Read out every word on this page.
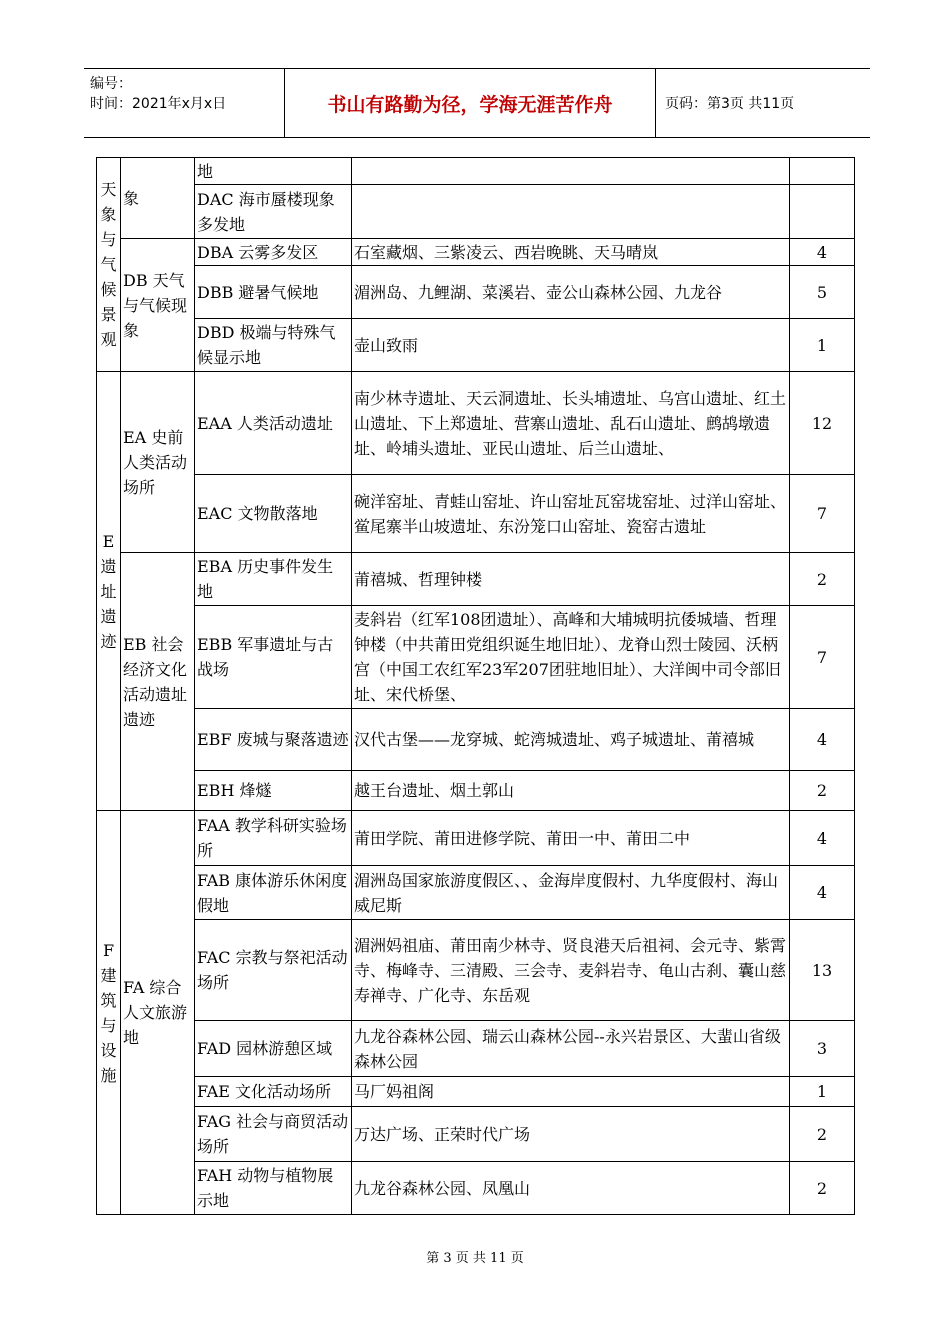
编号：
时间：2021年x月x日	书山有路勤为径，学海无涯苦作舟	页码：第3页 共11页
天象与气候景观	象	地		
		DAC 海市蜃楼现象多发地		
	DB 天气与气候现象	DBA 云雾多发区	石室藏烟、三紫凌云、西岩晚眺、天马晴岚	4
		DBB 避暑气候地	湄洲岛、九鲤湖、菜溪岩、壶公山森林公园、九龙谷	5
		DBD 极端与特殊气候显示地	壶山致雨	1
E遗址遗迹	EA 史前人类活动场所	EAA 人类活动遗址	南少林寺遗址、天云洞遗址、长头埔遗址、乌宫山遗址、红土山遗址、下上郑遗址、营寨山遗址、乱石山遗址、鹧鸪墩遗址、岭埔头遗址、亚民山遗址、后兰山遗址、	12
		EAC 文物散落地	碗洋窑址、青蛙山窑址、许山窑址瓦窑垅窑址、过洋山窑址、鲎尾寨半山坡遗址、东汾笼口山窑址、瓷窑古遗址	7
	EB 社会经济文化活动遗址遗迹	EBA 历史事件发生地	莆禧城、哲理钟楼	2
		EBB 军事遗址与古战场	麦斜岩（红军108团遗址）、高峰和大埔城明抗倭城墙、哲理钟楼（中共莆田党组织诞生地旧址）、龙脊山烈士陵园、沃柄宫（中国工农红军23军207团驻地旧址）、大洋闽中司令部旧址、宋代桥堡、	7
		EBF 废城与聚落遗迹	汉代古堡——龙穿城、蛇湾城遗址、鸡子城遗址、莆禧城	4
		EBH 烽燧	越王台遗址、烟土郭山	2
F建筑与设施	FA 综合人文旅游地	FAA 教学科研实验场所	莆田学院、莆田进修学院、莆田一中、莆田二中	4
		FAB 康体游乐休闲度假地	湄洲岛国家旅游度假区、、金海岸度假村、九华度假村、海山威尼斯	4
		FAC 宗教与祭祀活动场所	湄洲妈祖庙、莆田南少林寺、贤良港天后祖祠、会元寺、紫霄寺、梅峰寺、三清殿、三会寺、麦斜岩寺、龟山古刹、囊山慈寿禅寺、广化寺、东岳观	13
		FAD 园林游憩区域	九龙谷森林公园、瑞云山森林公园--永兴岩景区、大蜚山省级森林公园	3
		FAE 文化活动场所	马厂妈祖阁	1
		FAG 社会与商贸活动场所	万达广场、正荣时代广场	2
		FAH 动物与植物展示地	九龙谷森林公园、凤凰山	2
第 3 页 共 11 页
